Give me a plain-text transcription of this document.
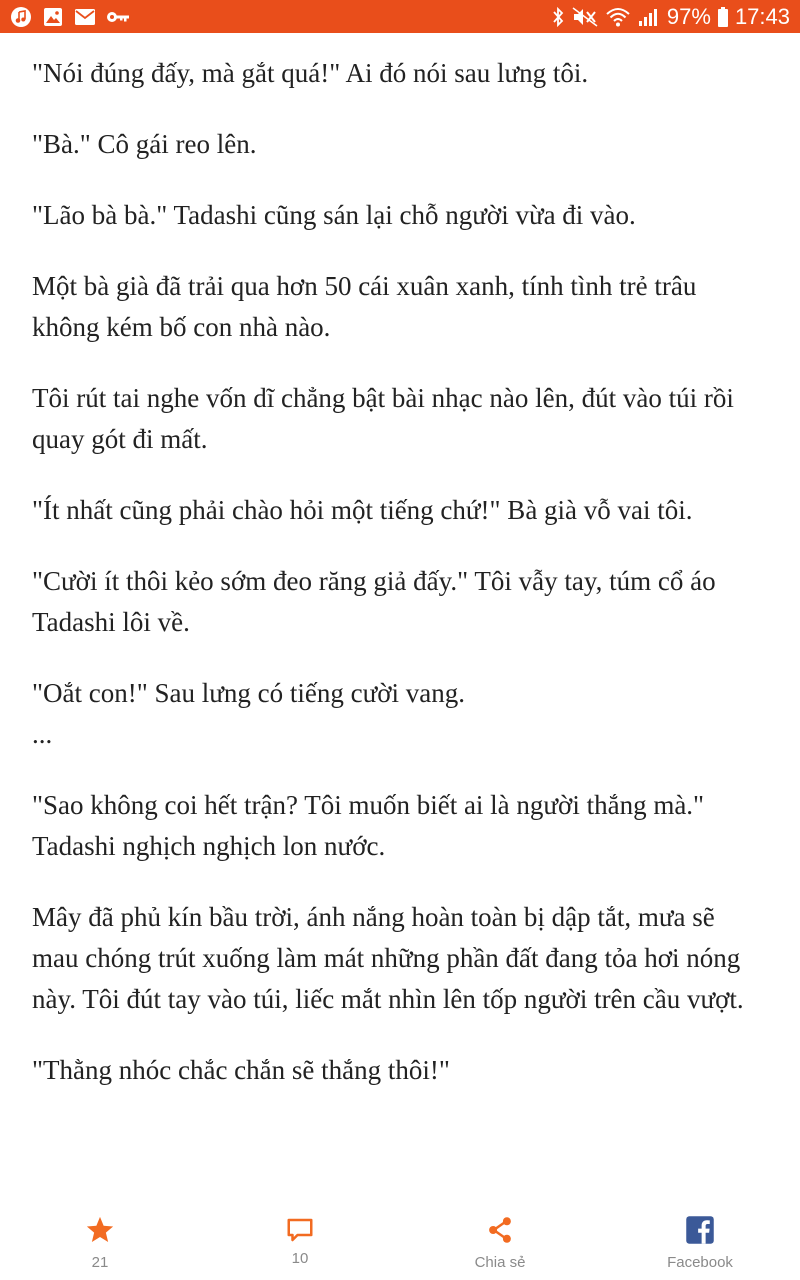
97% 17:43

"Nói đúng đấy, mà gắt quá!" Ai đó nói sau lưng tôi.

"Bà." Cô gái reo lên.

"Lão bà bà." Tadashi cũng sán lại chỗ người vừa đi vào.

Một bà già đã trải qua hơn 50 cái xuân xanh, tính tình trẻ trâu không kém bố con nhà nào.

Tôi rút tai nghe vốn dĩ chẳng bật bài nhạc nào lên, đút vào túi rồi quay gót đi mất.

"Ít nhất cũng phải chào hỏi một tiếng chứ!" Bà già vỗ vai tôi.

"Cười ít thôi kẻo sớm đeo răng giả đấy." Tôi vẫy tay, túm cổ áo Tadashi lôi về.

"Oắt con!" Sau lưng có tiếng cười vang.
...

"Sao không coi hết trận? Tôi muốn biết ai là người thắng mà." Tadashi nghịch nghịch lon nước.

Mây đã phủ kín bầu trời, ánh nắng hoàn toàn bị dập tắt, mưa sẽ mau chóng trút xuống làm mát những phần đất đang tỏa hơi nóng này. Tôi đút tay vào túi, liếc mắt nhìn lên tốp người trên cầu vượt.

"Thằng nhóc chắc chắn sẽ thắng thôi!"

21	10	Chia sẻ	Facebook
